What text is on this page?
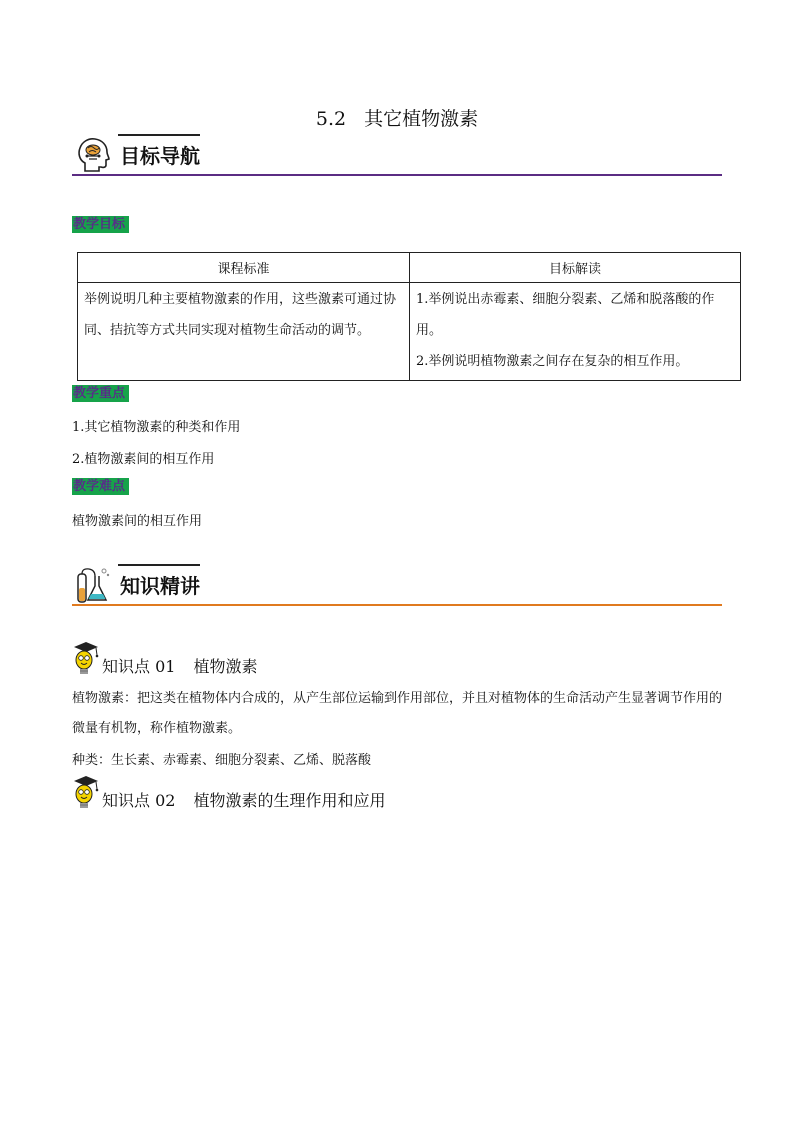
5.2 其它植物激素
目标导航
教学目标
课程标准	目标解读

举例说明几种主要植物激素的作用，这些激素可通过协同、拮抗等方式共同实现对植物生命活动的调节。	1.举例说出赤霉素、细胞分裂素、乙烯和脱落酸的作用。
2.举例说明植物激素之间存在复杂的相互作用。
教学重点
1.其它植物激素的种类和作用
2.植物激素间的相互作用
教学难点
植物激素间的相互作用
知识精讲
知识点 01 植物激素
植物激素：把这类在植物体内合成的，从产生部位运输到作用部位，并且对植物体的生命活动产生显著调节作用的微量有机物，称作植物激素。
种类：生长素、赤霉素、细胞分裂素、乙烯、脱落酸
知识点 02 植物激素的生理作用和应用
